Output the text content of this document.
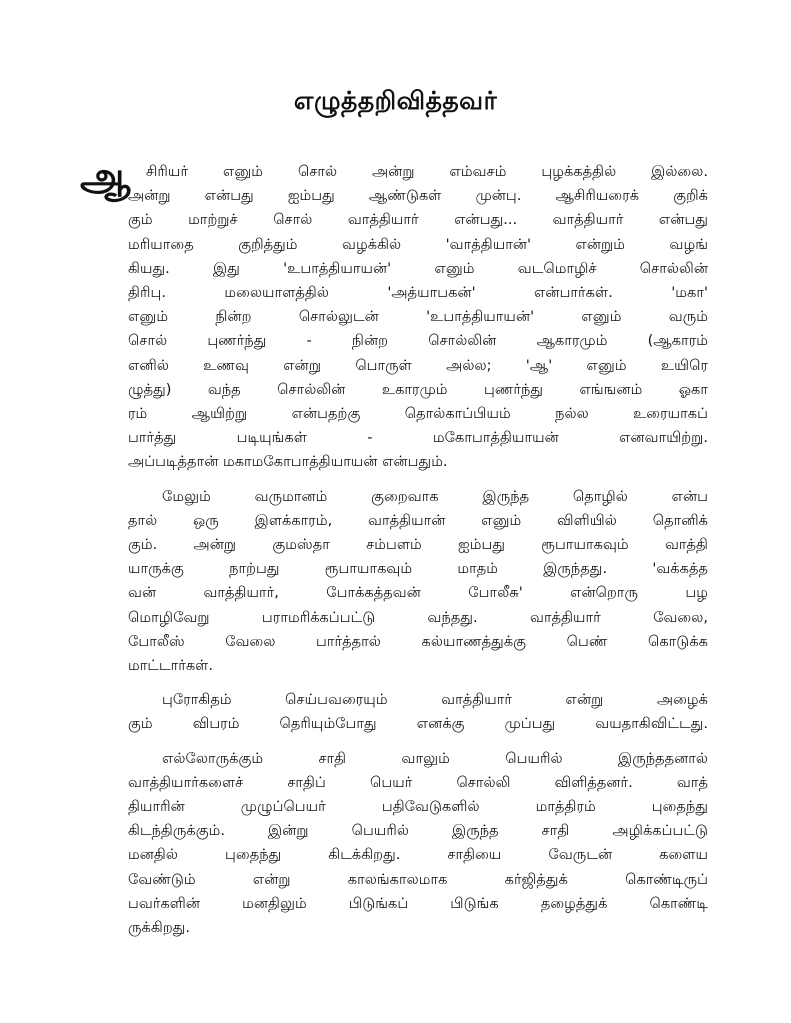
எழுத்தறிவித்தவர்
ஆ	சிரியர் எனும் சொல் அன்று எம்வசம் புழக்கத்தில் இல்லை.
அன்று என்பது ஐம்பது ஆண்டுகள் முன்பு. ஆசிரியரைக் குறிக்
கும் மாற்றுச் சொல் வாத்தியார் என்பது... வாத்தியார் என்பது
மரியாதை குறித்தும் வழக்கில் 'வாத்தியான்' என்றும் வழங்
கியது. இது 'உபாத்தியாயன்' எனும் வடமொழிச் சொல்லின்
திரிபு. மலையாளத்தில் 'அத்யாபகன்' என்பார்கள். 'மகா'
எனும் நின்ற சொல்லுடன் 'உபாத்தியாயன்' எனும் வரும்
சொல் புணர்ந்து - நின்ற சொல்லின் ஆகாரமும் (ஆகாரம்
எனில் உணவு என்று பொருள் அல்ல; 'ஆ' எனும் உயிரெ
ழுத்து) வந்த சொல்லின் உகாரமும் புணர்ந்து எங்ஙனம் ஓகா
ரம் ஆயிற்று என்பதற்கு தொல்காப்பியம் நல்ல உரையாகப்
பார்த்து படியுங்கள் - மகோபாத்தியாயன் எனவாயிற்று.
அப்படித்தான் மகாமகோபாத்தியாயன் என்பதும்.
மேலும் வருமானம் குறைவாக இருந்த தொழில் என்ப
தால் ஒரு இளக்காரம், வாத்தியான் எனும் விளியில் தொனிக்
கும். அன்று குமஸ்தா சம்பளம் ஐம்பது ரூபாயாகவும் வாத்தி
யாருக்கு நாற்பது ரூபாயாகவும் மாதம் இருந்தது. 'வக்கத்த
வன் வாத்தியார், போக்கத்தவன் போலீசு' என்றொரு பழ
மொழிவேறு பராமரிக்கப்பட்டு வந்தது. வாத்தியார் வேலை,
போலீஸ் வேலை பார்த்தால் கல்யாணத்துக்கு பெண் கொடுக்க
மாட்டார்கள்.
புரோகிதம் செய்பவரையும் வாத்தியார் என்று அழைக்
கும் விபரம் தெரியும்போது எனக்கு முப்பது வயதாகிவிட்டது.
எல்லோருக்கும் சாதி வாலும் பெயரில் இருந்ததனால்
வாத்தியார்களைச் சாதிப் பெயர் சொல்லி விளித்தனர். வாத்
தியாரின் முழுப்பெயர் பதிவேடுகளில் மாத்திரம் புதைந்து
கிடந்திருக்கும். இன்று பெயரில் இருந்த சாதி அழிக்கப்பட்டு
மனதில் புதைந்து கிடக்கிறது. சாதியை வேருடன் களைய
வேண்டும் என்று காலங்காலமாக கர்ஜித்துக் கொண்டிருப்
பவர்களின் மனதிலும் பிடுங்கப் பிடுங்க தழைத்துக் கொண்டி
ருக்கிறது.
